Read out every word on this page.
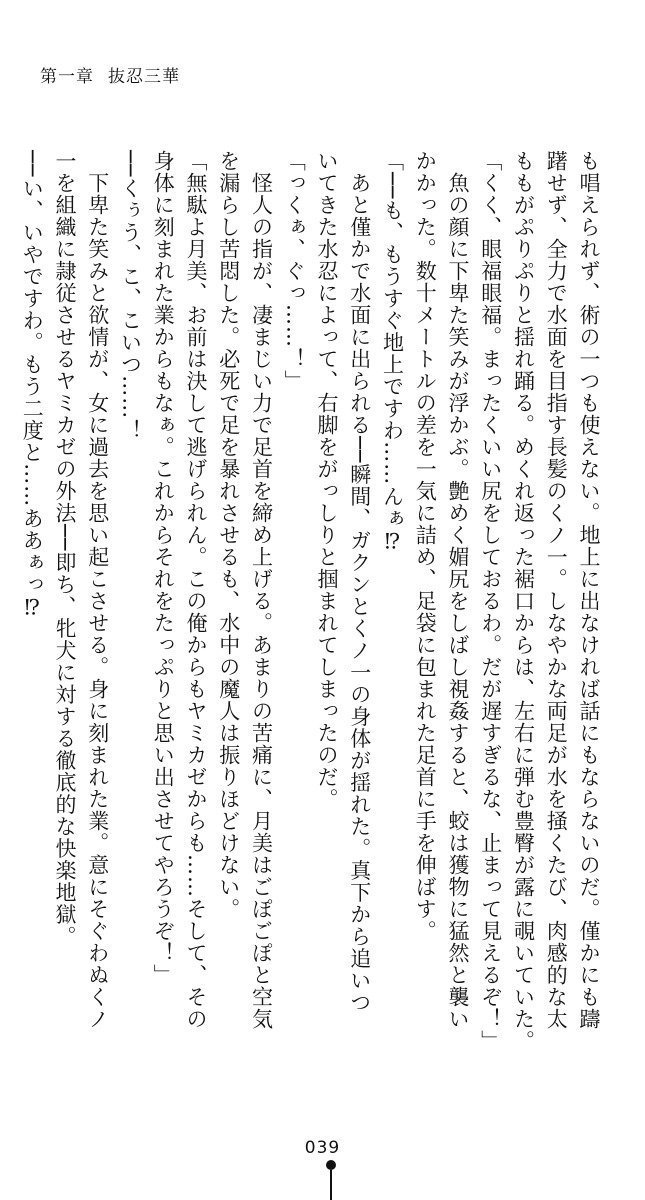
第一章 抜忍三華

も唱えられず、術の一つも使えない。地上に出なければ話にもならないのだ。僅かにも躊

躇せず、全力で水面を目指す長髪のくノ一。しなやかな両足が水を掻くたび、肉感的な太

ももがぷりぷりと揺れ踊る。めくれ返った裾口からは、左右に弾む豊臀が露に覗いていた。

「くく、眼福眼福。まったくいい尻をしておるわ。だが遅すぎるな、止まって見えるぞ！」

　魚の顔に下卑た笑みが浮かぶ。艶めく媚尻をしばし視姦すると、蛟は獲物に猛然と襲い

かかった。数十メートルの差を一気に詰め、足袋に包まれた足首に手を伸ばす。

「──も、もうすぐ地上ですわ……んぁ⁉

　あと僅かで水面に出られる──瞬間、ガクンとくノ一の身体が揺れた。真下から追いつ

いてきた水忍によって、右脚をがっしりと掴まれてしまったのだ。

「っくぁ、ぐっ……！」

　怪人の指が、凄まじい力で足首を締め上げる。あまりの苦痛に、月美はごぽごぽと空気

を漏らし苦悶した。必死で足を暴れさせるも、水中の魔人は振りほどけない。

「無駄よ月美、お前は決して逃げられん。この俺からもヤミカゼからも……そして、その

身体に刻まれた業からもなぁ。これからそれをたっぷりと思い出させてやろうぞ！」

──くぅう、こ、こいつ……！

　下卑た笑みと欲情が、女に過去を思い起こさせる。身に刻まれた業。意にそぐわぬくノ

一を組織に隷従させるヤミカゼの外法──即ち、牝犬に対する徹底的な快楽地獄。

──い、いやですわ。もう二度と……ああぁっ⁉

039
